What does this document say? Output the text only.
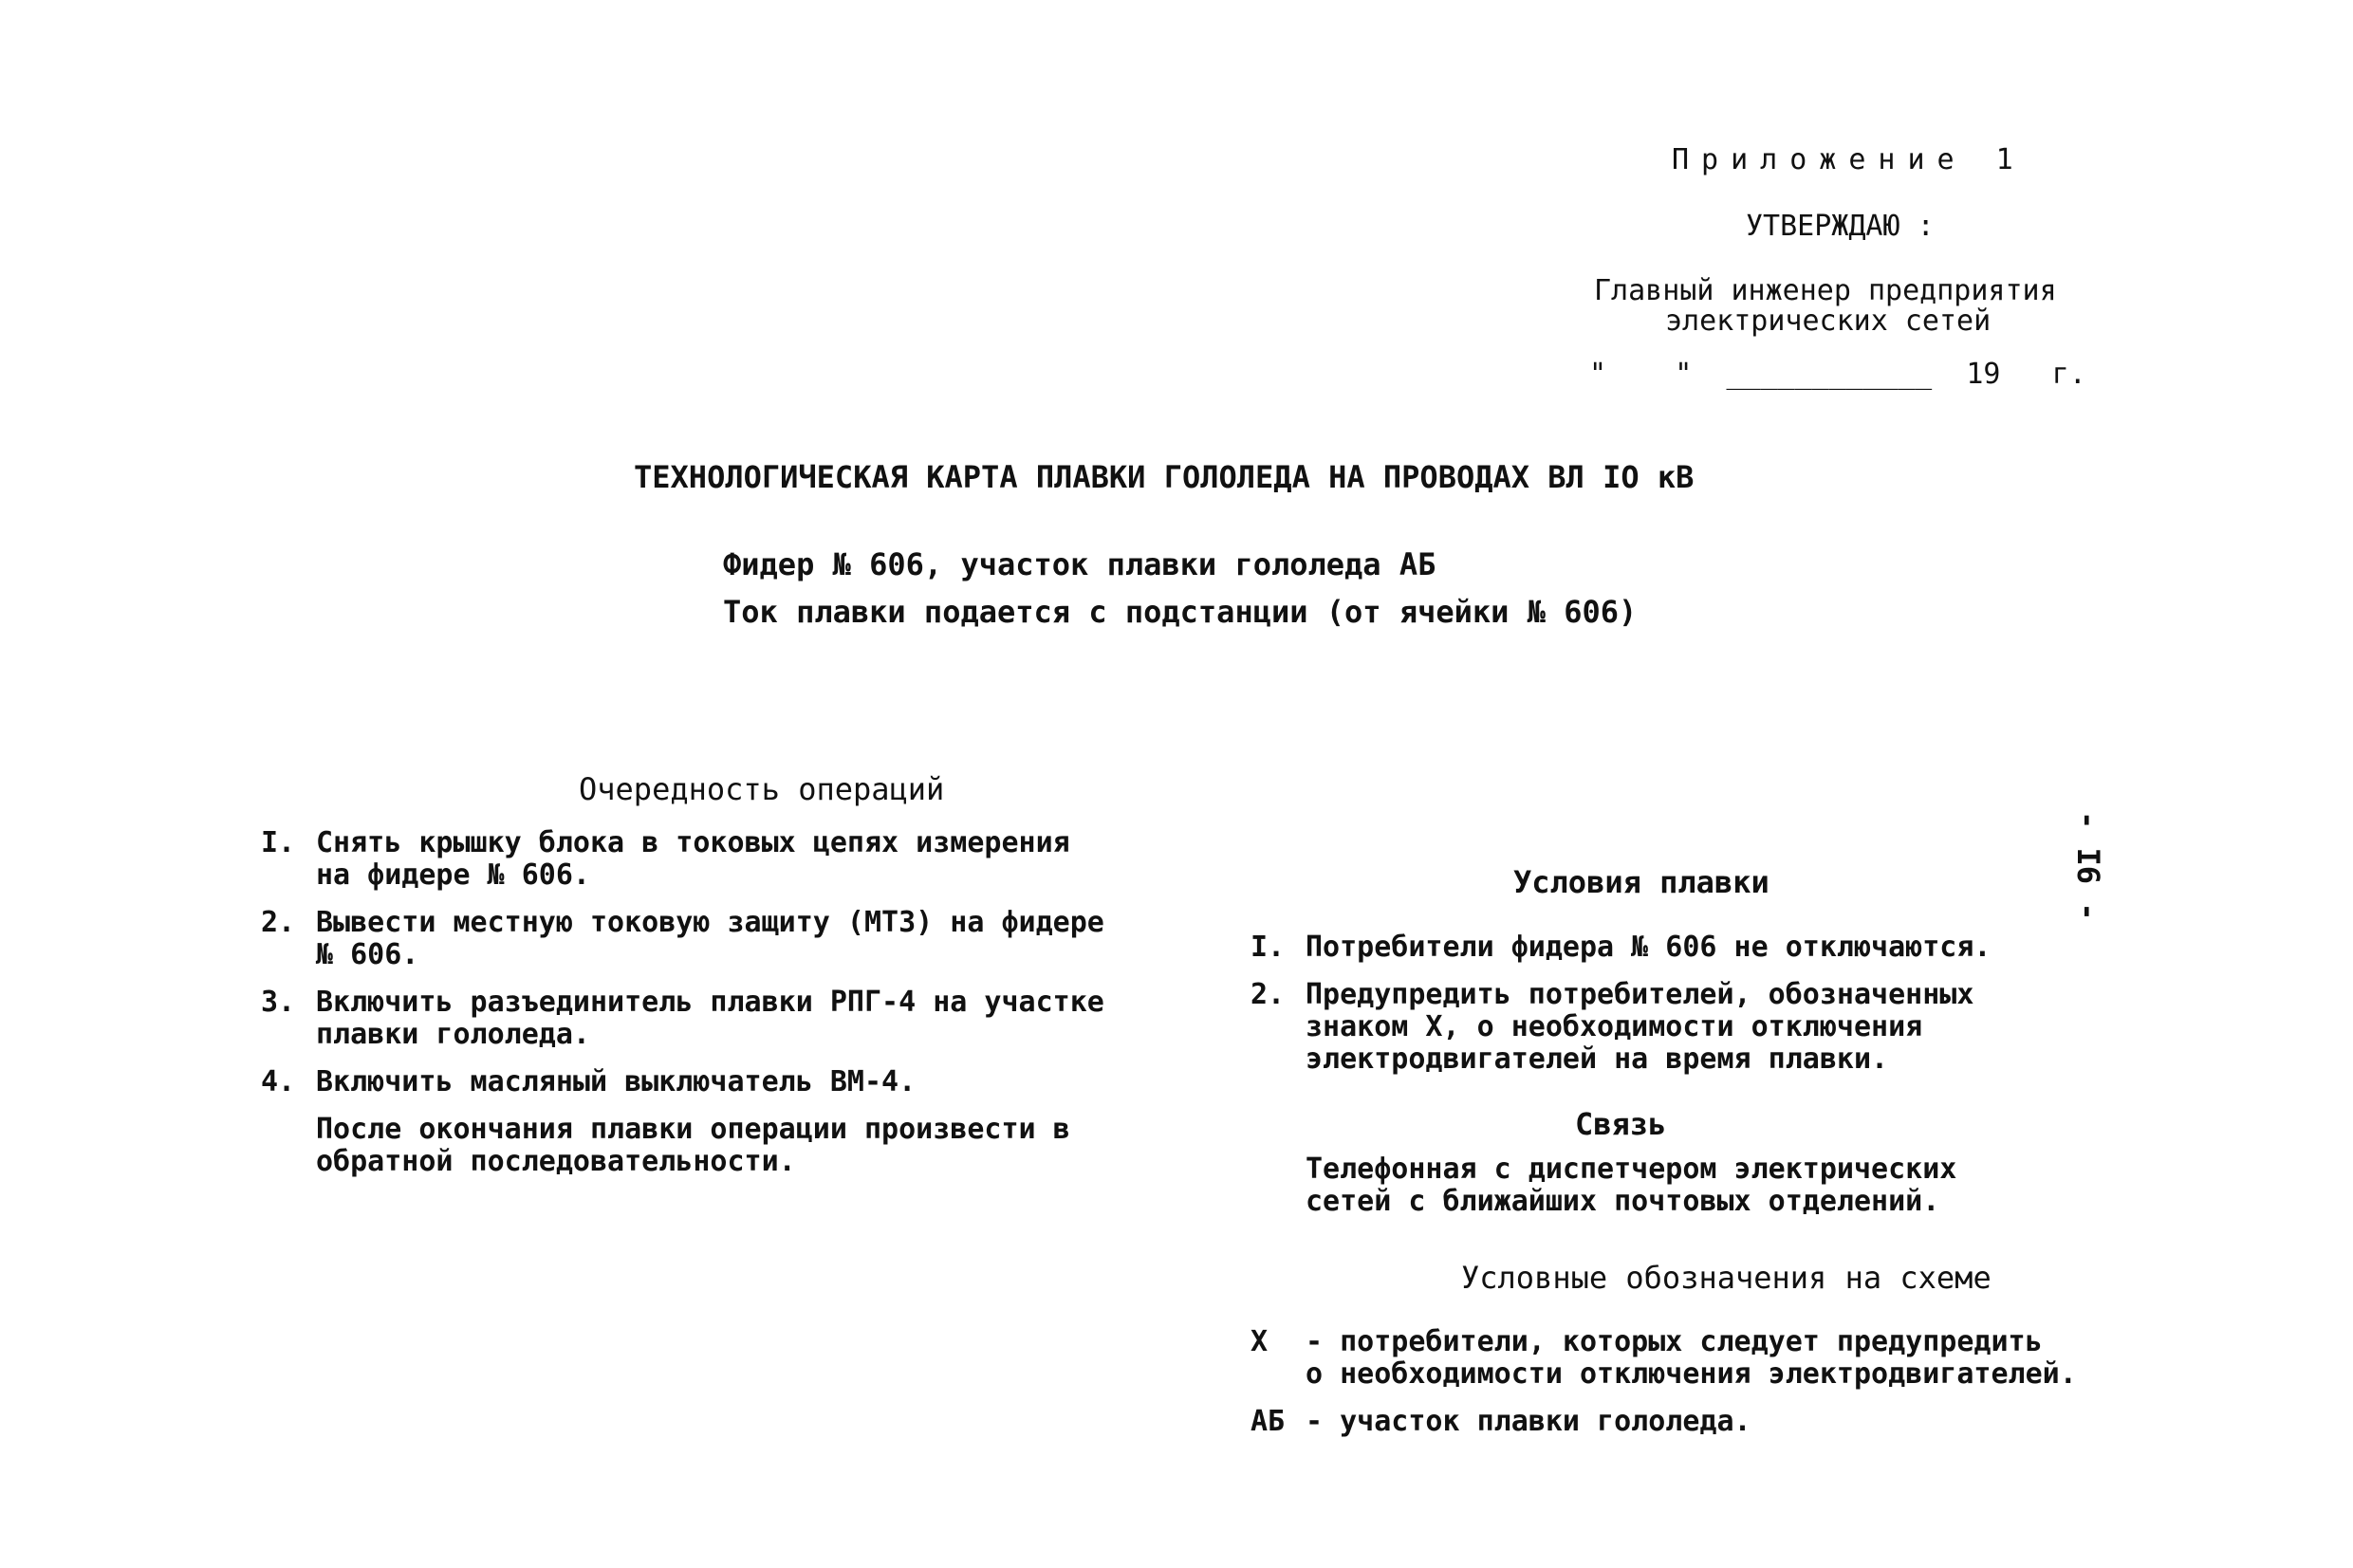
Приложение 1
УТВЕРЖДАЮ :
Главный инженер предприятия
электрических сетей
"    "  ____________  19   г.
ТЕХНОЛОГИЧЕСКАЯ КАРТА ПЛАВКИ ГОЛОЛЕДА НА ПРОВОДАХ ВЛ IO кВ
Фидер № 606, участок плавки гололеда АБ
Ток плавки подается с подстанции (от ячейки № 606)
- I6 -
Очередность операций
I. Снять крышку блока в токовых цепях измерения
на фидере № 606.
2. Вывести местную токовую защиту (МТЗ) на фидере
№ 606.
3. Включить разъединитель плавки РПГ-4 на участке
плавки гололеда.
4. Включить масляный выключатель ВМ-4.
После окончания плавки операции произвести в
обратной последовательности.
Условия плавки
I. Потребители фидера № 606 не отключаются.
2. Предупредить потребителей, обозначенных
знаком Х, о необходимости отключения
электродвигателей на время плавки.
Связь
Телефонная с диспетчером электрических
сетей с ближайших почтовых отделений.
Условные обозначения на схеме
Х	- потребители, которых следует предупредить
о необходимости отключения электродвигателей.
АБ - участок плавки гололеда.
